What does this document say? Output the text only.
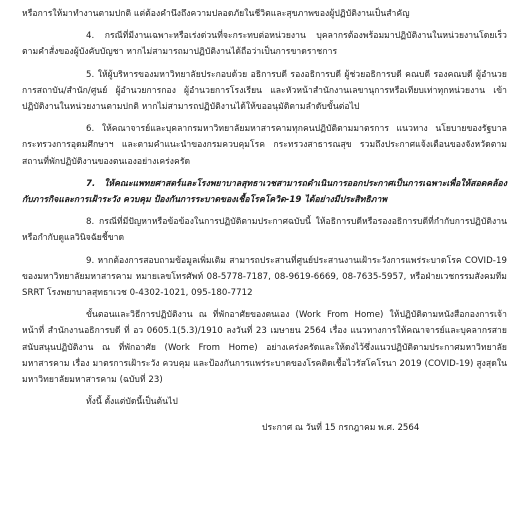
หรือการให้มาทำงานตามปกติ แต่ต้องคำนึงถึงความปลอดภัยในชีวิตและสุขภาพของผู้ปฏิบัติงานเป็นสำคัญ

4. กรณีที่มีงานเฉพาะหรือเร่งด่วนที่จะกระทบต่อหน่วยงาน บุคลากรต้องพร้อมมาปฏิบัติงานในหน่วยงานโดยเร็วตามคำสั่งของผู้บังคับบัญชา หากไม่สามารถมาปฏิบัติงานได้ถือว่าเป็นการขาดราชการ

5. ให้ผู้บริหารของมหาวิทยาลัยประกอบด้วย อธิการบดี รองอธิการบดี ผู้ช่วยอธิการบดี คณบดี รองคณบดี ผู้อำนวยการสถาบัน/สำนัก/ศูนย์ ผู้อำนวยการกอง ผู้อำนวยการโรงเรียน และหัวหน้าสำนักงานเลขานุการหรือเทียบเท่าทุกหน่วยงาน เข้าปฏิบัติงานในหน่วยงานตามปกติ หากไม่สามารถปฏิบัติงานได้ให้ขออนุมัติตามลำดับขั้นต่อไป

6. ให้คณาจารย์และบุคลากรมหาวิทยาลัยมหาสารคามทุกคนปฏิบัติตามมาตรการ แนวทาง นโยบายของรัฐบาล กระทรวงการอุดมศึกษาฯ และตามคำแนะนำของกรมควบคุมโรค กระทรวงสาธารณสุข รวมถึงประกาศแจ้งเตือนของจังหวัดตามสถานที่พักปฏิบัติงานของตนเองอย่างเคร่งครัด

7. ให้คณะแพทยศาสตร์และโรงพยาบาลสุทธาเวชสามารถดำเนินการออกประกาศเป็นการเฉพาะเพื่อให้สอดคล้องกับภารกิจและการเฝ้าระวัง ควบคุม ป้องกันการระบาดของเชื้อโรคโควิด-19 ได้อย่างมีประสิทธิภาพ

8. กรณีที่มีปัญหาหรือข้อข้องในการปฏิบัติตามประกาศฉบับนี้ ให้อธิการบดีหรือรองอธิการบดีที่กำกับการปฏิบัติงานหรือกำกับดูแลวินิจฉัยชี้ขาด

9. หากต้องการสอบถามข้อมูลเพิ่มเติม สามารถประสานที่ศูนย์ประสานงานเฝ้าระวังการแพร่ระบาดโรค COVID-19 ของมหาวิทยาลัยมหาสารคาม หมายเลขโทรศัพท์ 08-5778-7187, 08-9619-6669, 08-7635-5957, หรือฝ่ายเวชกรรมสังคมทีม SRRT โรงพยาบาลสุทธาเวช 0-4302-1021, 095-180-7712

ขั้นตอนและวิธีการปฏิบัติงาน ณ ที่พักอาศัยของตนเอง (Work From Home) ให้ปฏิบัติตามหนังสือกองการเจ้าหน้าที่ สำนักงานอธิการบดี ที่ อว 0605.1(5.3)/1910 ลงวันที่ 23 เมษายน 2564 เรื่อง แนวทางการให้คณาจารย์และบุคลากรสายสนับสนุนปฏิบัติงาน ณ ที่พักอาศัย (Work From Home) อย่างเคร่งครัดและให้ดงไว้ซึ่งแนวปฏิบัติตามประกาศมหาวิทยาลัยมหาสารคาม เรื่อง มาตรการเฝ้าระวัง ควบคุม และป้องกันการแพร่ระบาดของโรคติดเชื้อไวรัสโคโรนา 2019 (COVID-19) สูงสุดในมหาวิทยาลัยมหาสารคาม (ฉบับที่ 23)

ทั้งนี้ ตั้งแต่บัดนี้เป็นต้นไป

ประกาศ ณ วันที่ 15 กรกฎาคม พ.ศ. 2564
